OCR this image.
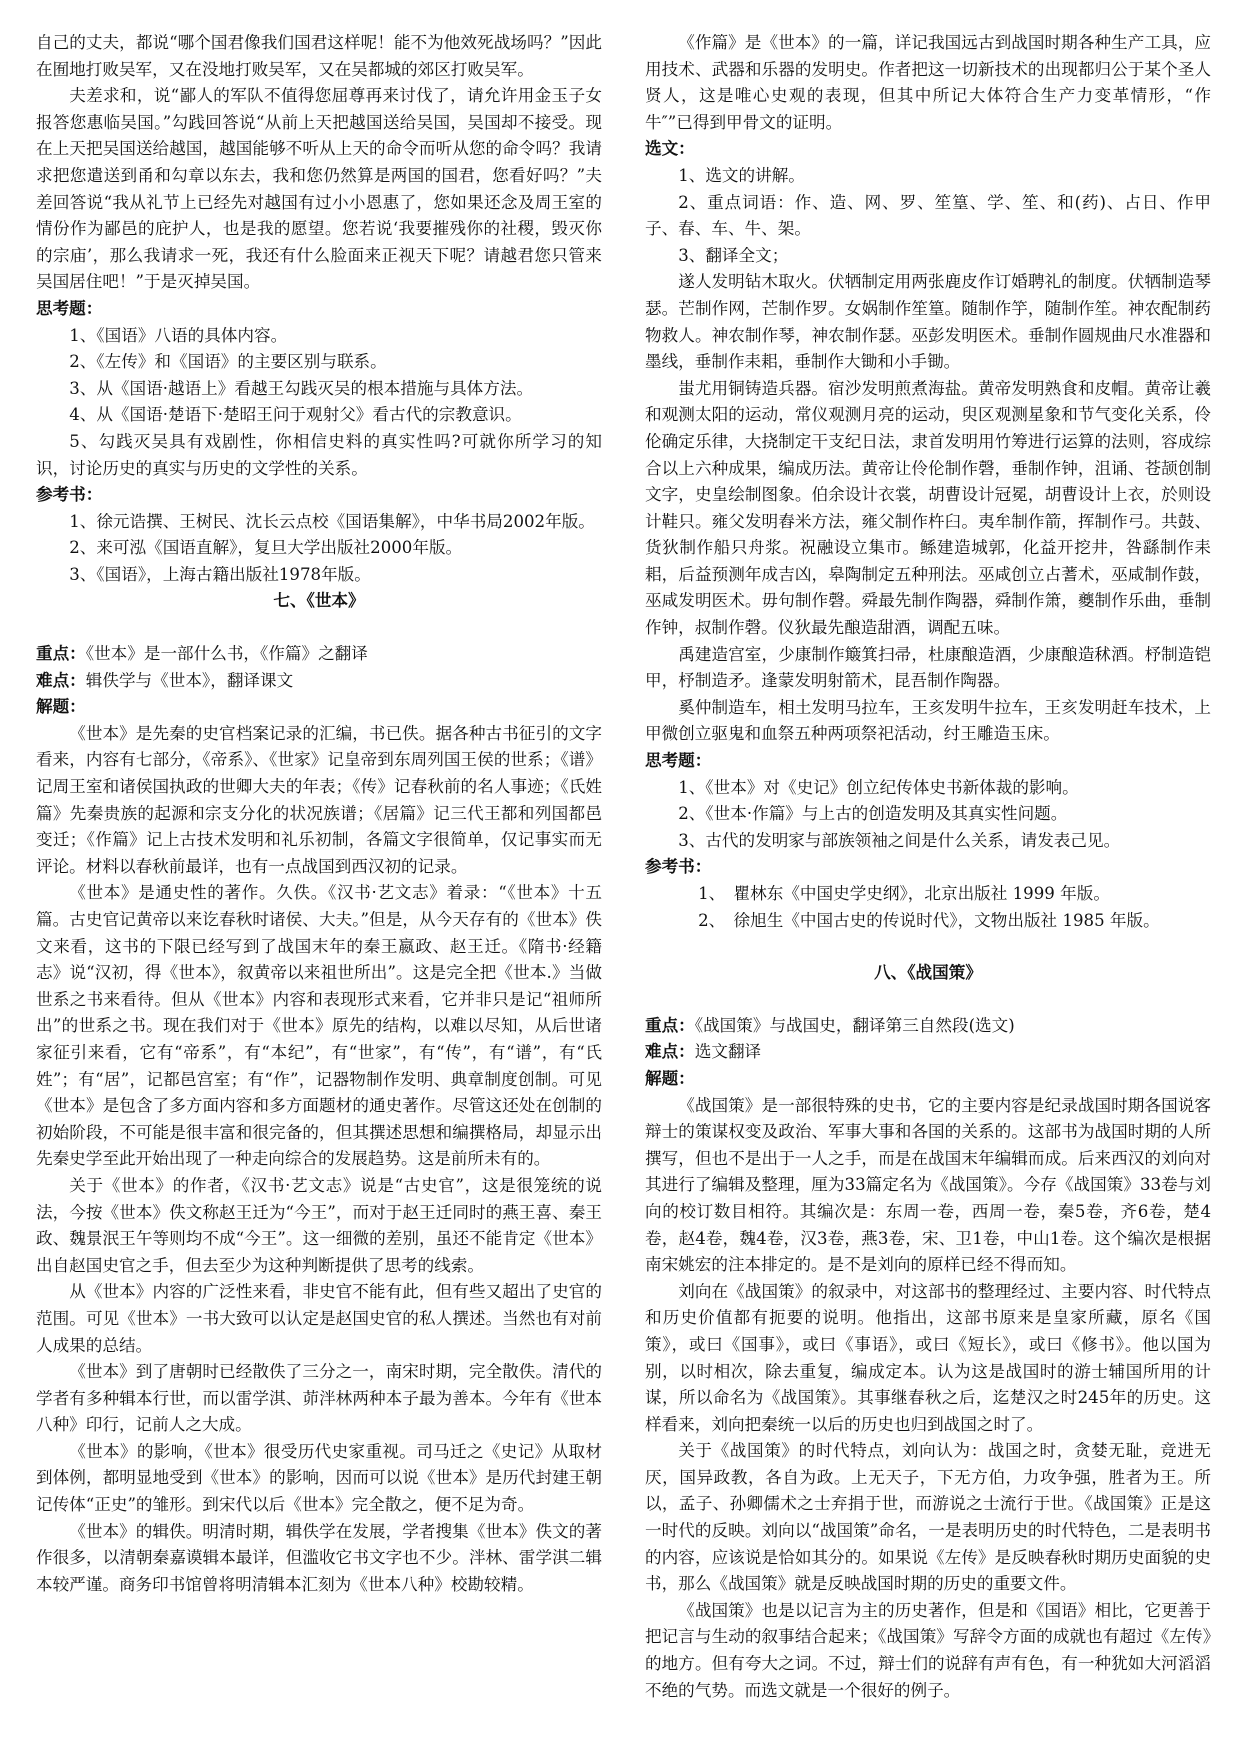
自己的丈夫，都说“哪个国君像我们国君这样呢！能不为他效死战场吗？”因此在囿地打败吴军，又在没地打败吴军，又在吴都城的郊区打败吴军。

夫差求和，说“鄙人的军队不值得您屈尊再来讨伐了，请允许用金玉子女报答您惠临吴国。”勾践回答说“从前上天把越国送给吴国，吴国却不接受。现在上天把吴国送给越国，越国能够不听从上天的命令而听从您的命令吗？我请求把您遣送到甬和勾章以东去，我和您仍然算是两国的国君，您看好吗？”夫差回答说“我从礼节上已经先对越国有过小小恩惠了，您如果还念及周王室的情份作为鄙邑的庇护人，也是我的愿望。您若说‘我要摧残你的社稷，毁灭你的宗庙’，那么我请求一死，我还有什么脸面来正视天下呢？请越君您只管来吴国居住吧！”于是灭掉吴国。

思考题：

1、《国语》八语的具体内容。

2、《左传》和《国语》的主要区别与联系。

3、从《国语·越语上》看越王勾践灭吴的根本措施与具体方法。

4、从《国语·楚语下·楚昭王问于观射父》看古代的宗教意识。

5、勾践灭吴具有戏剧性，你相信史料的真实性吗?可就你所学习的知识，讨论历史的真实与历史的文学性的关系。

参考书：

1、徐元诰撰、王树民、沈长云点校《国语集解》，中华书局2002年版。

2、来可泓《国语直解》，复旦大学出版社2000年版。

3、《国语》，上海古籍出版社1978年版。

七、《世本》

重点：《世本》是一部什么书，《作篇》之翻译

难点：辑佚学与《世本》，翻译课文

解题：

《世本》是先秦的史官档案记录的汇编，书已佚。据各种古书征引的文字看来，内容有七部分，《帝系》、《世家》记皇帝到东周列国王侯的世系；《谱》记周王室和诸侯国执政的世卿大夫的年表；《传》记春秋前的名人事迹；《氏姓篇》先秦贵族的起源和宗支分化的状况族谱；《居篇》记三代王都和列国都邑变迁；《作篇》记上古技术发明和礼乐初制，各篇文字很简单，仅记事实而无评论。材料以春秋前最详，也有一点战国到西汉初的记录。

《世本》是通史性的著作。久佚。《汉书·艺文志》着录：“《世本》十五篇。古史官记黄帝以来讫春秋时诸侯、大夫。”但是，从今天存有的《世本》佚文来看，这书的下限已经写到了战国末年的秦王嬴政、赵王迁。《隋书·经籍志》说“汉初，得《世本》，叙黄帝以来祖世所出”。这是完全把《世本.》当做世系之书来看待。但从《世本》内容和表现形式来看，它并非只是记“祖师所出”的世系之书。现在我们对于《世本》原先的结构，以难以尽知，从后世诸家征引来看，它有“帝系”，有“本纪”，有“世家”，有“传”，有“谱”，有“氏姓”；有“居”，记都邑宫室；有“作”，记器物制作发明、典章制度创制。可见《世本》是包含了多方面内容和多方面题材的通史著作。尽管这还处在创制的初始阶段，不可能是很丰富和很完备的，但其撰述思想和编撰格局，却显示出先秦史学至此开始出现了一种走向综合的发展趋势。这是前所未有的。

关于《世本》的作者，《汉书·艺文志》说是“古史官”，这是很笼统的说法，今按《世本》佚文称赵王迁为“今王”，而对于赵王迁同时的燕王喜、秦王政、魏景泯王午等则均不成“今王”。这一细微的差别，虽还不能肯定《世本》出自赵国史官之手，但去至少为这种判断提供了思考的线索。

从《世本》内容的广泛性来看，非史官不能有此，但有些又超出了史官的范围。可见《世本》一书大致可以认定是赵国史官的私人撰述。当然也有对前人成果的总结。

《世本》到了唐朝时已经散佚了三分之一，南宋时期，完全散佚。清代的学者有多种辑本行世，而以雷学淇、茆泮林两种本子最为善本。今年有《世本八种》印行，记前人之大成。

《世本》的影响，《世本》很受历代史家重视。司马迁之《史记》从取材到体例，都明显地受到《世本》的影响，因而可以说《世本》是历代封建王朝记传体“正史”的雏形。到宋代以后《世本》完全散之，便不足为奇。

《世本》的辑佚。明清时期，辑佚学在发展，学者搜集《世本》佚文的著作很多，以清朝秦嘉谟辑本最详，但滥收它书文字也不少。泮林、雷学淇二辑本较严谨。商务印书馆曾将明清辑本汇刻为《世本八种》校勘较精。

《作篇》是《世本》的一篇，详记我国远古到战国时期各种生产工具，应用技术、武器和乐器的发明史。作者把这一切新技术的出现都归公于某个圣人贤人，这是唯心史观的表现，但其中所记大体符合生产力变革情形，“作牛″”已得到甲骨文的证明。

选文：

1、选文的讲解。

2、重点词语：作、造、网、罗、笙篁、学、笙、和(药)、占日、作甲子、春、车、牛、架。

3、翻译全文；

遂人发明钻木取火。伏牺制定用两张鹿皮作订婚聘礼的制度。伏牺制造琴瑟。芒制作网，芒制作罗。女娲制作笙篁。随制作竽，随制作笙。神农配制药物救人。神农制作琴，神农制作瑟。巫彭发明医术。垂制作圆规曲尺水准器和墨线，垂制作耒耜，垂制作大锄和小手锄。

蚩尤用铜铸造兵器。宿沙发明煎煮海盐。黄帝发明熟食和皮帽。黄帝让羲和观测太阳的运动，常仪观测月亮的运动，臾区观测星象和节气变化关系，伶伦确定乐律，大挠制定干支纪日法，隶首发明用竹筹进行运算的法则，容成综合以上六种成果，编成历法。黄帝让伶伦制作磬，垂制作钟，沮诵、苍颉创制文字，史皇绘制图象。伯余设计衣裳，胡曹设计冠冕，胡曹设计上衣，於则设计鞋只。雍父发明舂米方法，雍父制作杵臼。夷牟制作箭，挥制作弓。共鼓、货狄制作船只舟浆。祝融设立集市。鲧建造城郭，化益开挖井，咎繇制作耒耜，后益预测年成吉凶，皋陶制定五种刑法。巫咸创立占蓍术，巫咸制作鼓，巫咸发明医术。毋句制作磬。舜最先制作陶器，舜制作箫，夔制作乐曲，垂制作钟，叔制作磬。仪狄最先酿造甜酒，调配五味。

禹建造宫室，少康制作簸箕扫帚，杜康酿造酒，少康酿造秫酒。杼制造铠甲，杼制造矛。逢蒙发明射箭术，昆吾制作陶器。

奚仲制造车，相土发明马拉车，王亥发明牛拉车，王亥发明赶车技术，上甲微创立驱鬼和血祭五种两项祭祀活动，纣王雕造玉床。

思考题：

1、《世本》对《史记》创立纪传体史书新体裁的影响。

2、《世本·作篇》与上古的创造发明及其真实性问题。

3、古代的发明家与部族领袖之间是什么关系，请发表己见。

参考书：

1、　瞿林东《中国史学史纲》，北京出版社 1999 年版。

2、　徐旭生《中国古史的传说时代》，文物出版社 1985 年版。

八、《战国策》

重点：《战国策》与战国史，翻译第三自然段(选文)

难点：选文翻译

解题：

《战国策》是一部很特殊的史书，它的主要内容是纪录战国时期各国说客辩士的策谋权变及政治、军事大事和各国的关系的。这部书为战国时期的人所撰写，但也不是出于一人之手，而是在战国末年编辑而成。后来西汉的刘向对其进行了编辑及整理，厘为33篇定名为《战国策》。今存《战国策》33卷与刘向的校订数目相符。其编次是：东周一卷，西周一卷，秦5卷，齐6卷，楚4卷，赵4卷，魏4卷，汉3卷，燕3卷，宋、卫1卷，中山1卷。这个编次是根据南宋姚宏的注本排定的。是不是刘向的原样已经不得而知。

刘向在《战国策》的叙录中，对这部书的整理经过、主要内容、时代特点和历史价值都有扼要的说明。他指出，这部书原来是皇家所藏，原名《国策》，或曰《国事》，或曰《事语》，或曰《短长》，或曰《修书》。他以国为别，以时相次，除去重复，编成定本。认为这是战国时的游士辅国所用的计谋，所以命名为《战国策》。其事继春秋之后，迄楚汉之时245年的历史。这样看来，刘向把秦统一以后的历史也归到战国之时了。

关于《战国策》的时代特点，刘向认为：战国之时，贪婪无耻，竞进无厌，国异政教，各自为政。上无天子，下无方伯，力攻争强，胜者为王。所以，孟子、孙卿儒术之士弃捐于世，而游说之士流行于世。《战国策》正是这一时代的反映。刘向以“战国策”命名，一是表明历史的时代特色，二是表明书的内容，应该说是恰如其分的。如果说《左传》是反映春秋时期历史面貌的史书，那么《战国策》就是反映战国时期的历史的重要文件。

《战国策》也是以记言为主的历史著作，但是和《国语》相比，它更善于把记言与生动的叙事结合起来；《战国策》写辞令方面的成就也有超过《左传》的地方。但有夸大之词。不过，辩士们的说辞有声有色，有一种犹如大河滔滔不绝的气势。而选文就是一个很好的例子。
